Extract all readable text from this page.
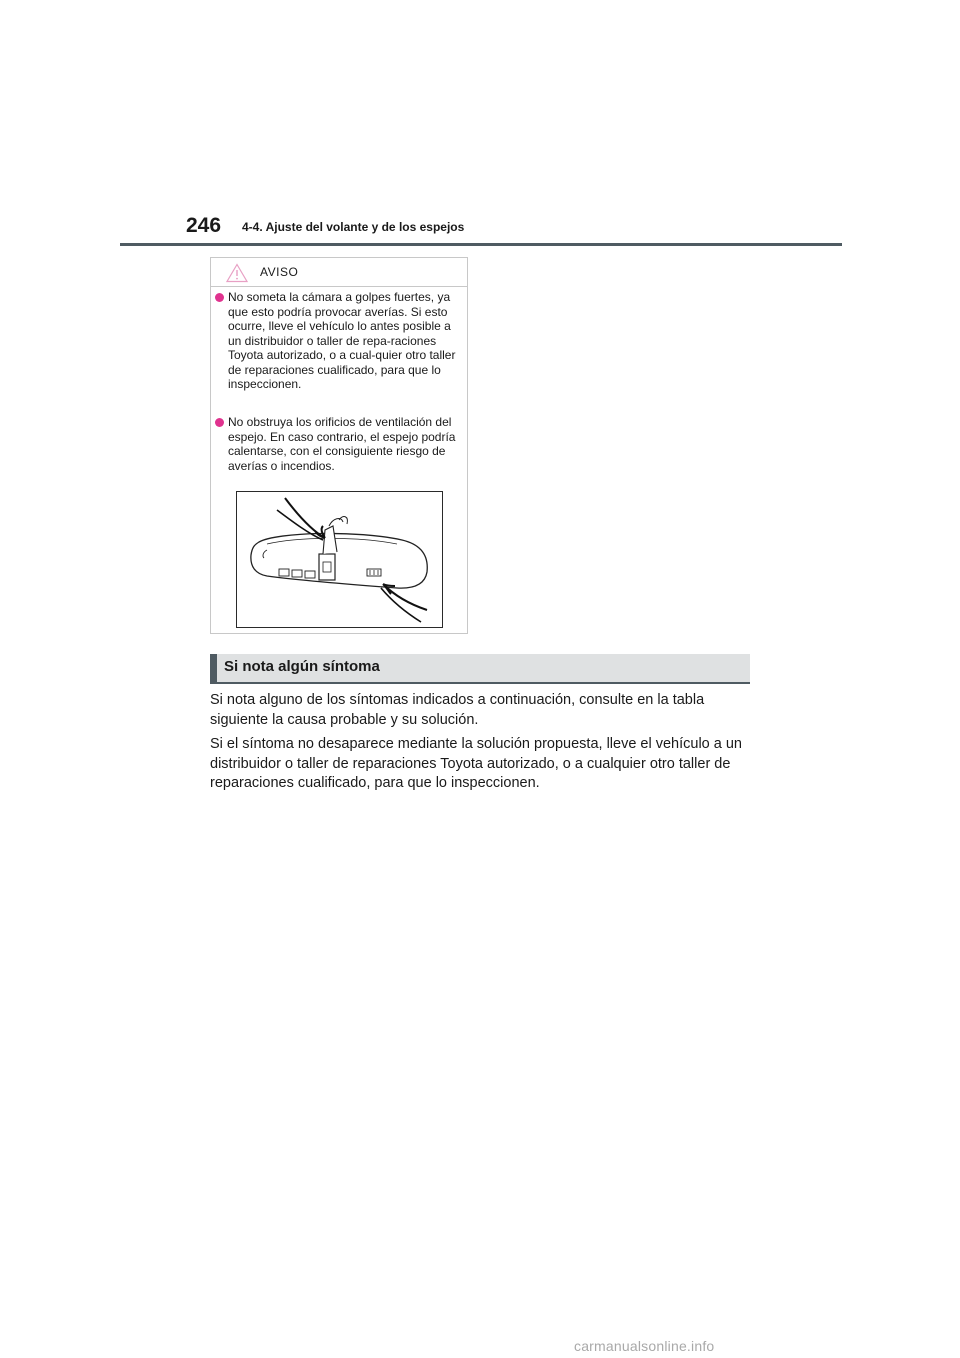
246 4-4. Ajuste del volante y de los espejos
AVISO
No someta la cámara a golpes fuertes, ya que esto podría provocar averías. Si esto ocurre, lleve el vehículo lo antes posible a un distribuidor o taller de repa-raciones Toyota autorizado, o a cual-quier otro taller de reparaciones cualificado, para que lo inspeccionen.
No obstruya los orificios de ventilación del espejo. En caso contrario, el espejo podría calentarse, con el consiguiente riesgo de averías o incendios.
Si nota algún síntoma
Si nota alguno de los síntomas indicados a continuación, consulte en la tabla siguiente la causa probable y su solución.
Si el síntoma no desaparece mediante la solución propuesta, lleve el vehículo a un distribuidor o taller de reparaciones Toyota autorizado, o a cualquier otro taller de reparaciones cualificado, para que lo inspeccionen.
carmanualsonline.info
